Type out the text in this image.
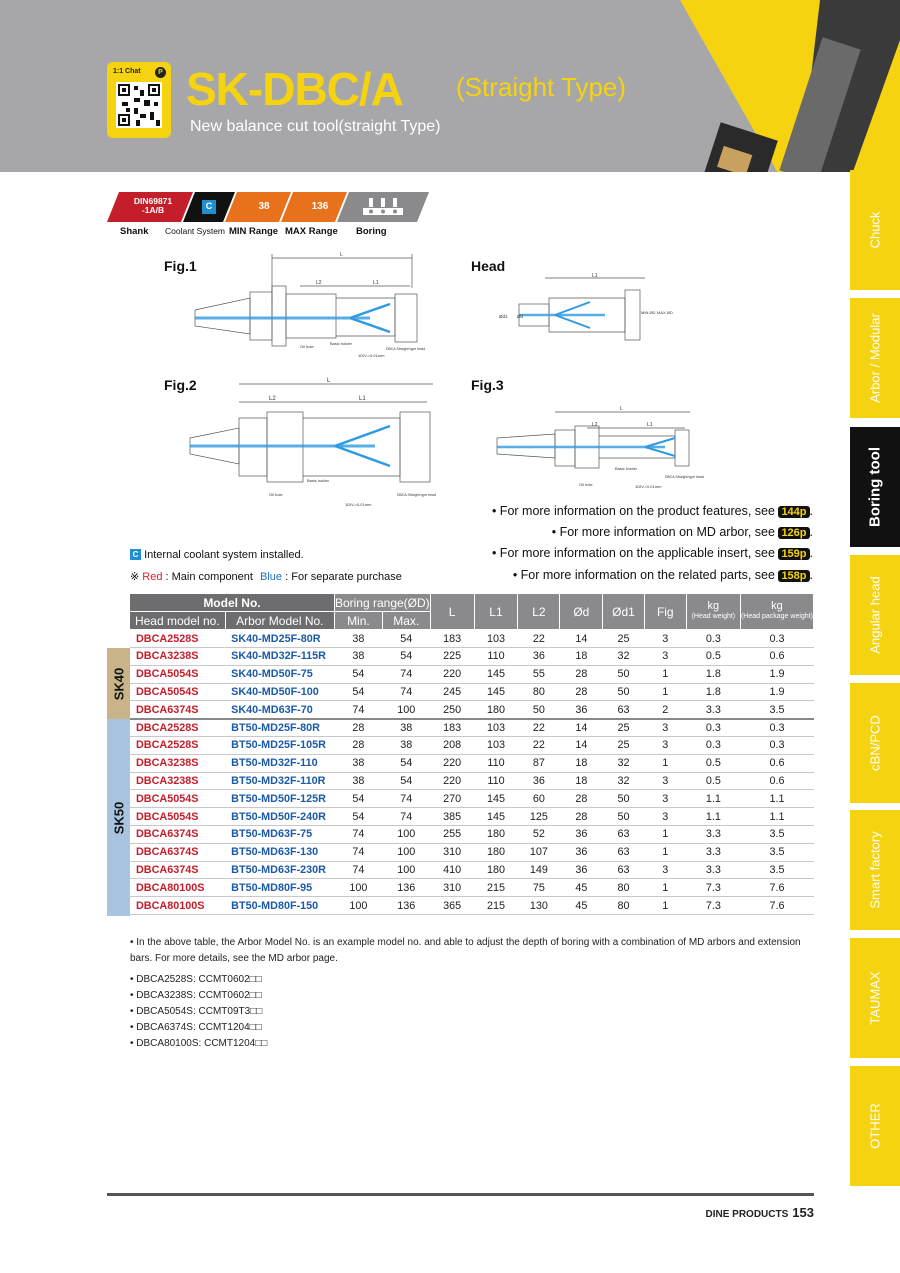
1:1 Chat	P SK-DBC/A (Straight Type)
New balance cut tool(straight Type)
Chuck
Arbor / Modular
Boring tool
Angular head
cBN/PCD
Smart factory
TAUMAX
OTHER
DIN69871 -1A/B	C	38	136
Shank Coolant System MIN Range MAX Range Boring
Fig.1
L
L2	L1
Oil hole
Basic holder
DBCA Straight type head
1DIV.=0.01mm
Head
L1
Ød1 Ød
MIN ØD MAX ØD
Fig.2	L
L2	L1
Oil hole
Basic holder
DBCA Straight type head
1DIV.=0.01mm
Fig.3
L
L2	L1
Oil hole
Basic holder
DBCA Straight type head
1DIV.=0.01mm
• For more information on the product features, see 144p .
• For more information on MD arbor, see 126p .
• For more information on the applicable insert, see 159p .
• For more information on the related parts, see 158p .
C Internal coolant system installed.
※ Red : Main component Blue : For separate purchase
SK40
SK50
Model No.		Boring range(ØD)		L	L1	L2	Ød	Ød1	Fig	kg
(Head weight)	kg
(Head package weight)
Head model no.	Arbor Model No.	Min.	Max.								
DBCA2528S	SK40-MD25F-80R	38	54	183	103	22	14	25	3	0.3	0.3
DBCA3238S	SK40-MD32F-115R	38	54	225	110	36	18	32	3	0.5	0.6
DBCA5054S	SK40-MD50F-75	54	74	220	145	55	28	50	1	1.8	1.9
DBCA5054S	SK40-MD50F-100	54	74	245	145	80	28	50	1	1.8	1.9
DBCA6374S	SK40-MD63F-70	74	100	250	180	50	36	63	2	3.3	3.5
DBCA2528S	BT50-MD25F-80R	28	38	183	103	22	14	25	3	0.3	0.3
DBCA2528S	BT50-MD25F-105R	28	38	208	103	22	14	25	3	0.3	0.3
DBCA3238S	BT50-MD32F-110	38	54	220	110	87	18	32	1	0.5	0.6
DBCA3238S	BT50-MD32F-110R	38	54	220	110	36	18	32	3	0.5	0.6
DBCA5054S	BT50-MD50F-125R	54	74	270	145	60	28	50	3	1.1	1.1
DBCA5054S	BT50-MD50F-240R	54	74	385	145	125	28	50	3	1.1	1.1
DBCA6374S	BT50-MD63F-75	74	100	255	180	52	36	63	1	3.3	3.5
DBCA6374S	BT50-MD63F-130	74	100	310	180	107	36	63	1	3.3	3.5
DBCA6374S	BT50-MD63F-230R	74	100	410	180	149	36	63	3	3.3	3.5
DBCA80100S	BT50-MD80F-95	100	136	310	215	75	45	80	1	7.3	7.6
DBCA80100S	BT50-MD80F-150	100	136	365	215	130	45	80	1	7.3	7.6
• In the above table, the Arbor Model No. is an example model no. and able to adjust the depth of boring with a combination of MD arbors and extension bars. For more details, see the MD arbor page.
• DBCA2528S: CCMT0602□□
• DBCA3238S: CCMT0602□□
• DBCA5054S: CCMT09T3□□
• DBCA6374S: CCMT1204□□
• DBCA80100S: CCMT1204□□
DINE PRODUCTS 153
